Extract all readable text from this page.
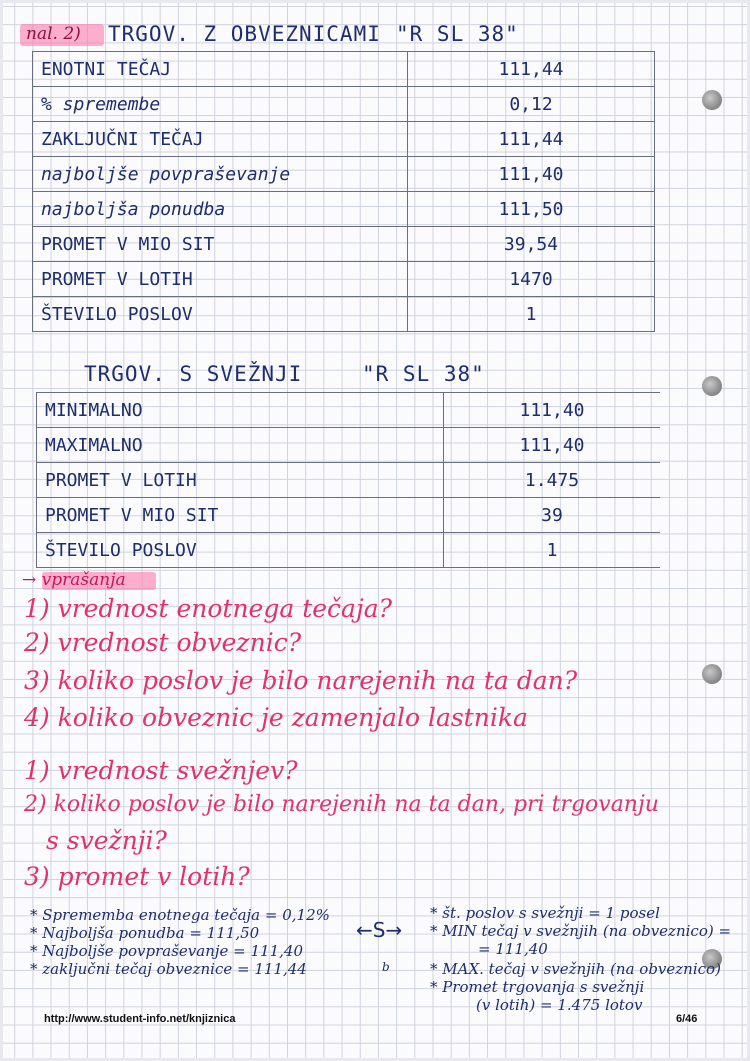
nal. 2) TRGOV. Z OBVEZNICAMI "R SL 38"
ENOTNI TEČAJ	111,44
% spremembe	0,12
ZAKLJUČNI TEČAJ	111,44
najboljše povpraševanje	111,40
najboljša ponudba	111,50
PROMET V MIO SIT	39,54
PROMET V LOTIH	1470
ŠTEVILO POSLOV	1
TRGOV. S SVEŽNJI	"R SL 38"
MINIMALNO	111,40
MAXIMALNO	111,40
PROMET V LOTIH	1.475
PROMET V MIO SIT	39
ŠTEVILO POSLOV	1
→ vprašanja
1) vrednost enotnega tečaja?
2) vrednost obveznic?
3) koliko poslov je bilo narejenih na ta dan?
4) koliko obveznic je zamenjalo lastnika
1) vrednost svežnjev?
2) koliko poslov je bilo narejenih na ta dan, pri trgovanju
s svežnji?
3) promet v lotih?
* Sprememba enotnega tečaja = 0,12%
* Najboljša ponudba = 111,50
* Najboljše povpraševanje = 111,40
* zaključni tečaj obveznice = 111,44
←S→
b
* št. poslov s svežnji = 1 posel
* MIN tečaj v svežnjih (na obveznico) =
= 111,40
* MAX. tečaj v svežnjih (na obveznico)
* Promet trgovanja s svežnji
(v lotih) = 1.475 lotov
http://www.student-info.net/knjiznica	6/46
